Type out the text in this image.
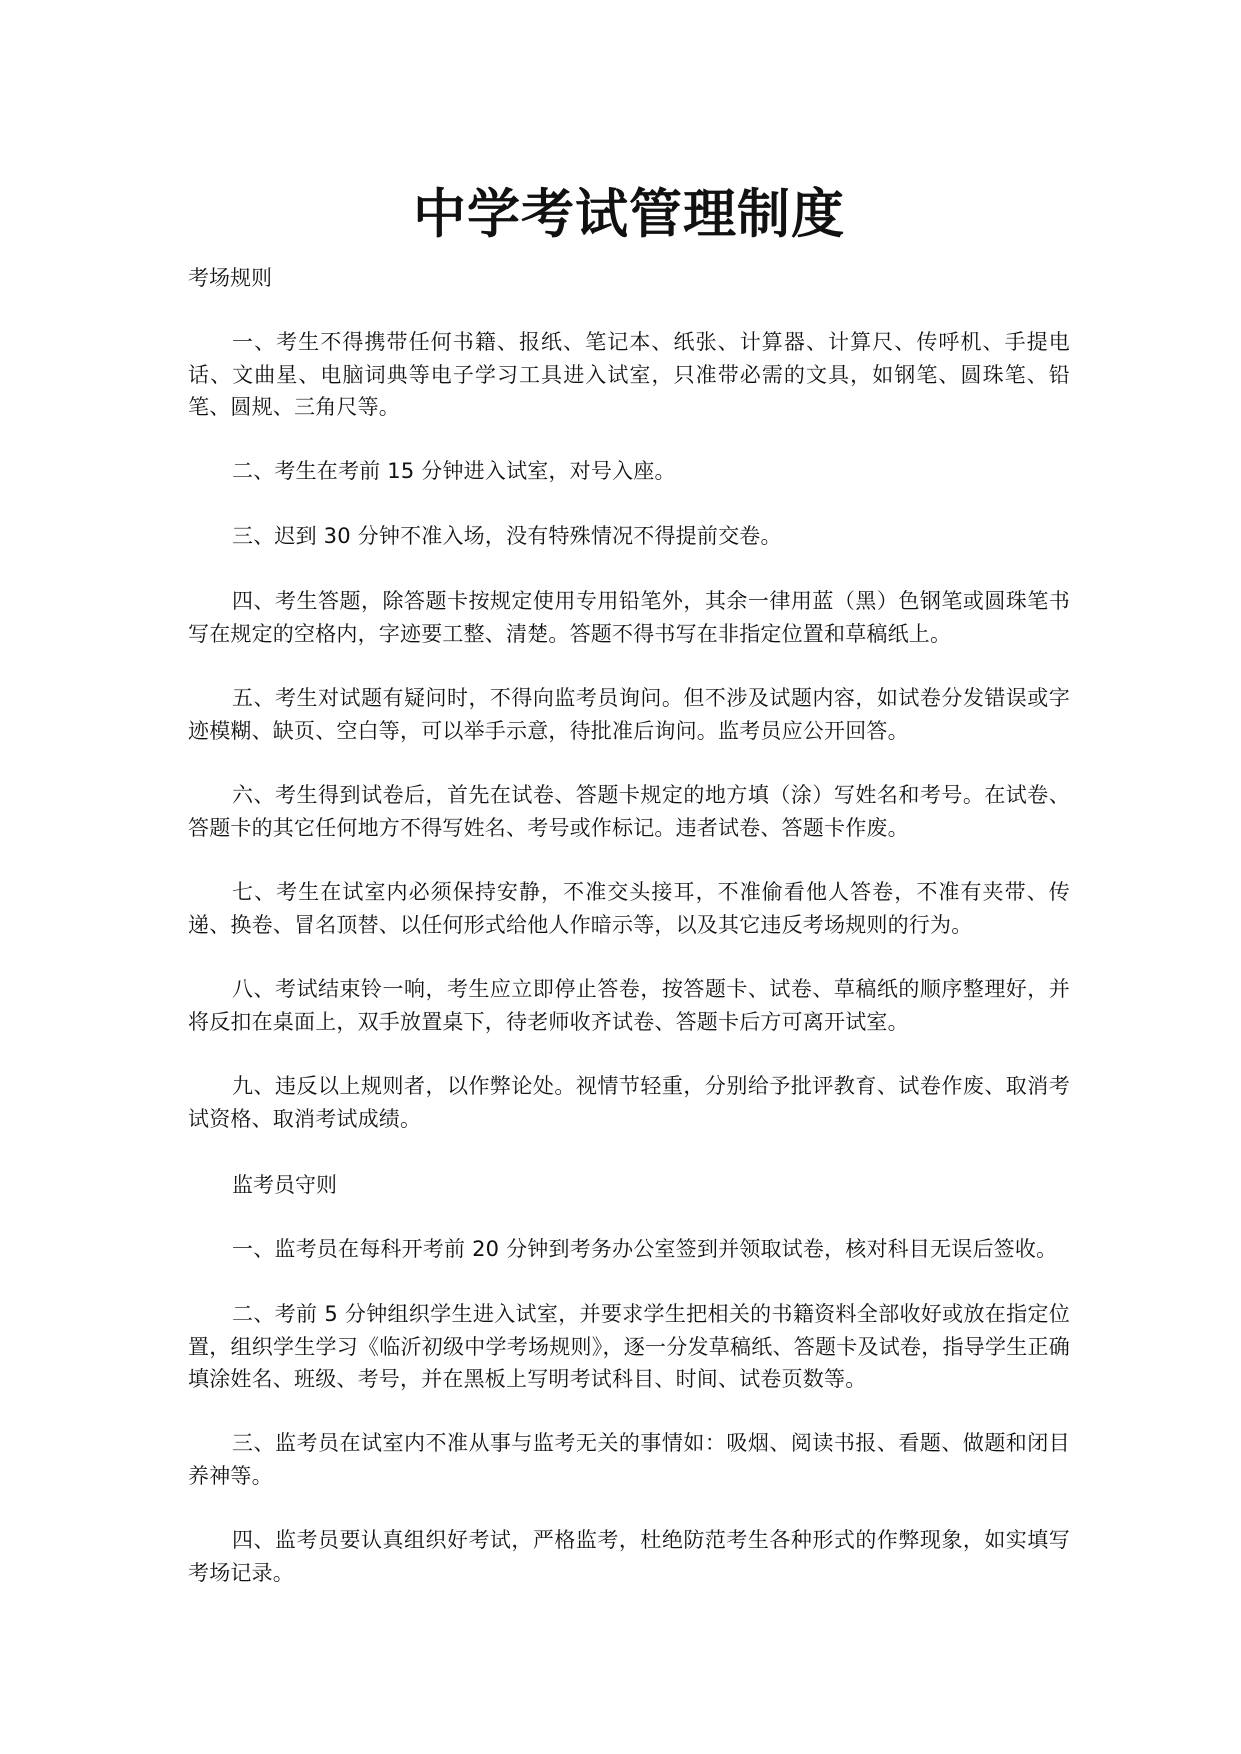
中学考试管理制度

考场规则

一、考生不得携带任何书籍、报纸、笔记本、纸张、计算器、计算尺、传呼机、手提电话、文曲星、电脑词典等电子学习工具进入试室，只准带必需的文具，如钢笔、圆珠笔、铅笔、圆规、三角尺等。

二、考生在考前 15 分钟进入试室，对号入座。

三、迟到 30 分钟不准入场，没有特殊情况不得提前交卷。

四、考生答题，除答题卡按规定使用专用铅笔外，其余一律用蓝（黑）色钢笔或圆珠笔书写在规定的空格内，字迹要工整、清楚。答题不得书写在非指定位置和草稿纸上。

五、考生对试题有疑问时，不得向监考员询问。但不涉及试题内容，如试卷分发错误或字迹模糊、缺页、空白等，可以举手示意，待批准后询问。监考员应公开回答。

六、考生得到试卷后，首先在试卷、答题卡规定的地方填（涂）写姓名和考号。在试卷、答题卡的其它任何地方不得写姓名、考号或作标记。违者试卷、答题卡作废。

七、考生在试室内必须保持安静，不准交头接耳，不准偷看他人答卷，不准有夹带、传递、换卷、冒名顶替、以任何形式给他人作暗示等，以及其它违反考场规则的行为。

八、考试结束铃一响，考生应立即停止答卷，按答题卡、试卷、草稿纸的顺序整理好，并将反扣在桌面上，双手放置桌下，待老师收齐试卷、答题卡后方可离开试室。

九、违反以上规则者，以作弊论处。视情节轻重，分别给予批评教育、试卷作废、取消考试资格、取消考试成绩。

监考员守则

一、监考员在每科开考前 20 分钟到考务办公室签到并领取试卷，核对科目无误后签收。

二、考前 5 分钟组织学生进入试室，并要求学生把相关的书籍资料全部收好或放在指定位置，组织学生学习《临沂初级中学考场规则》，逐一分发草稿纸、答题卡及试卷，指导学生正确填涂姓名、班级、考号，并在黑板上写明考试科目、时间、试卷页数等。

三、监考员在试室内不准从事与监考无关的事情如：吸烟、阅读书报、看题、做题和闭目养神等。

四、监考员要认真组织好考试，严格监考，杜绝防范考生各种形式的作弊现象，如实填写考场记录。
